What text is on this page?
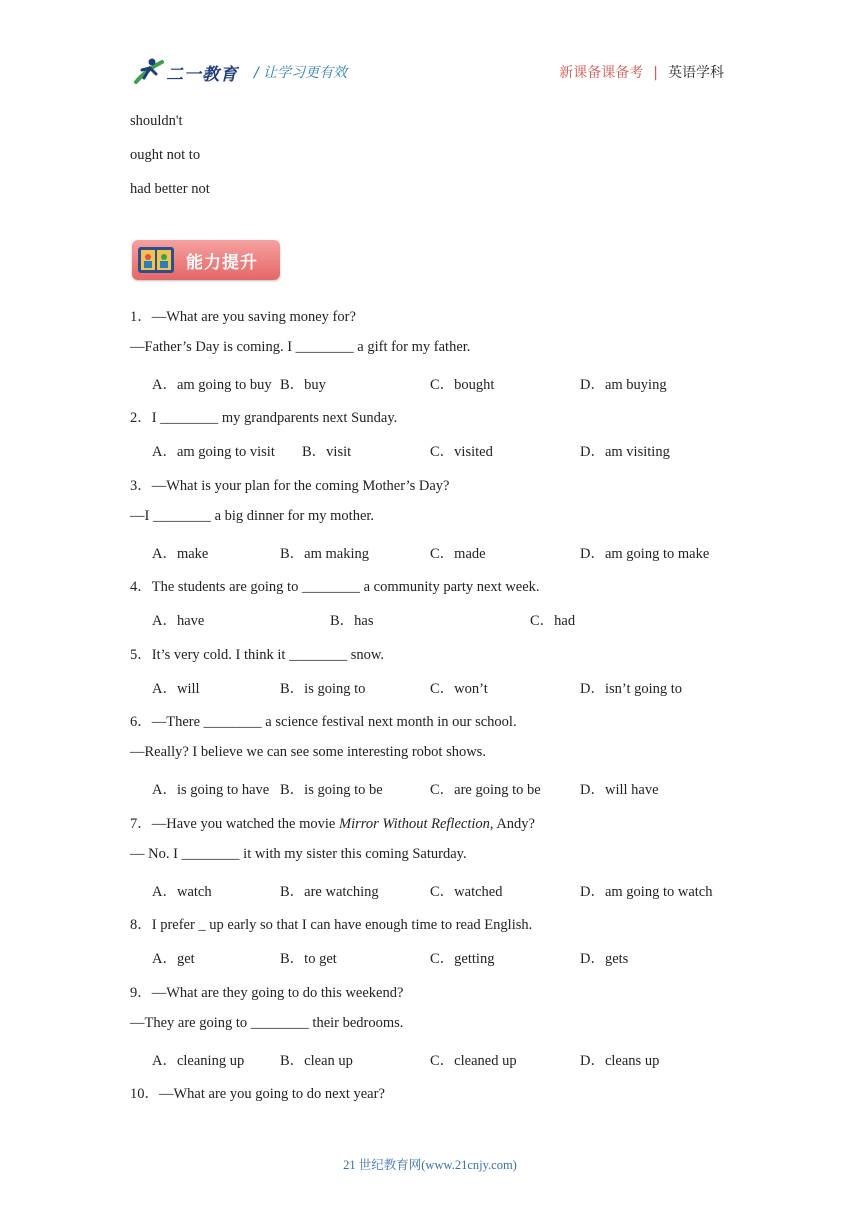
二一教育 / 让学习更有效	新课备课备考 | 英语学科
shouldn't
ought not to
had better not
能力提升
1．—What are you saving money for?
—Father’s Day is coming. I ________ a gift for my father.
A．am going to buy B．buy	C．bought	D．am buying
2．I ________ my grandparents next Sunday.
A．am going to visit B．visit	C．visited	D．am visiting
3．—What is your plan for the coming Mother’s Day?
—I ________ a big dinner for my mother.
A．make	B．am making	C．made	D．am going to make
4．The students are going to ________ a community party next week.
A．have	B．has	C．had
5．It’s very cold. I think it ________ snow.
A．will	B．is going to	C．won’t	D．isn’t going to
6．—There ________ a science festival next month in our school.
—Really? I believe we can see some interesting robot shows.
A．is going to have B．is going to be	C．are going to be	D．will have
7．—Have you watched the movie Mirror Without Reflection, Andy?
— No. I ________ it with my sister this coming Saturday.
A．watch	B．are watching	C．watched	D．am going to watch
8．I prefer _ up early so that I can have enough time to read English.
A．get	B．to get	C．getting	D．gets
9．—What are they going to do this weekend?
—They are going to ________ their bedrooms.
A．cleaning up B．clean up	C．cleaned up	D．cleans up
10．—What are you going to do next year?
21 世纪教育网(www.21cnjy.com)
